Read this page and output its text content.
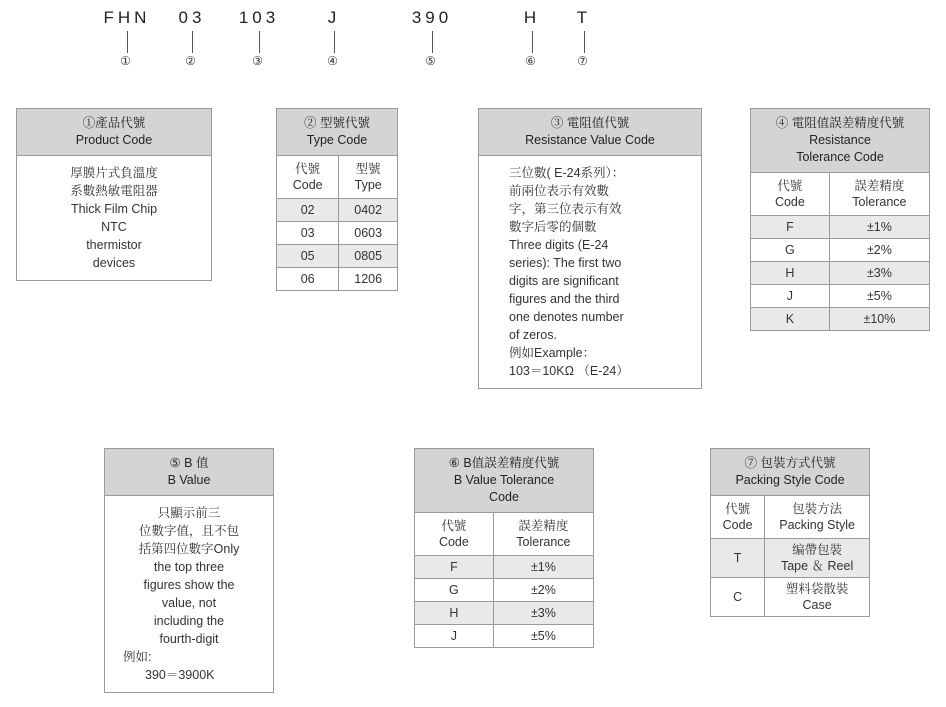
FHN
①
03
②
103
③
J
④
390
⑤
H
⑥
T
⑦
①產品代號
Product Code
厚膜片式負溫度
系數熱敏電阻器
Thick Film Chip
NTC
thermistor
devices
② 型號代號
Type Code
代號
Code

型號
Type

02	0402
03	0603
05	0805
06	1206
③ 電阻值代號
Resistance Value Code
三位數( E-24系列）：
前兩位表示有效數
字，第三位表示有效
數字后零的個數
Three digits (E-24
series): The first two
digits are significant
figures and the third
one denotes number
of zeros.
例如Example：
103＝10KΩ （E-24）
④ 電阻值誤差精度代號
Resistance
Tolerance Code
代號
Code

誤差精度
Tolerance

F	±1%
G	±2%
H	±3%
J	±5%
K	±10%
⑤ B 值
B Value
只顯示前三
位數字值，且不包
括第四位數字Only
the top three
figures show the
value, not
including the
fourth-digit
例如:
390＝3900K
⑥ B值誤差精度代號
B Value Tolerance
Code
代號
Code

誤差精度
Tolerance

F	±1%
G	±2%
H	±3%
J	±5%
⑦ 包裝方式代號
Packing Style Code
代號
Code

包裝方法
Packing Style

T	编帶包裝
Tape ＆ Reel

C	塑料袋散裝
Case
